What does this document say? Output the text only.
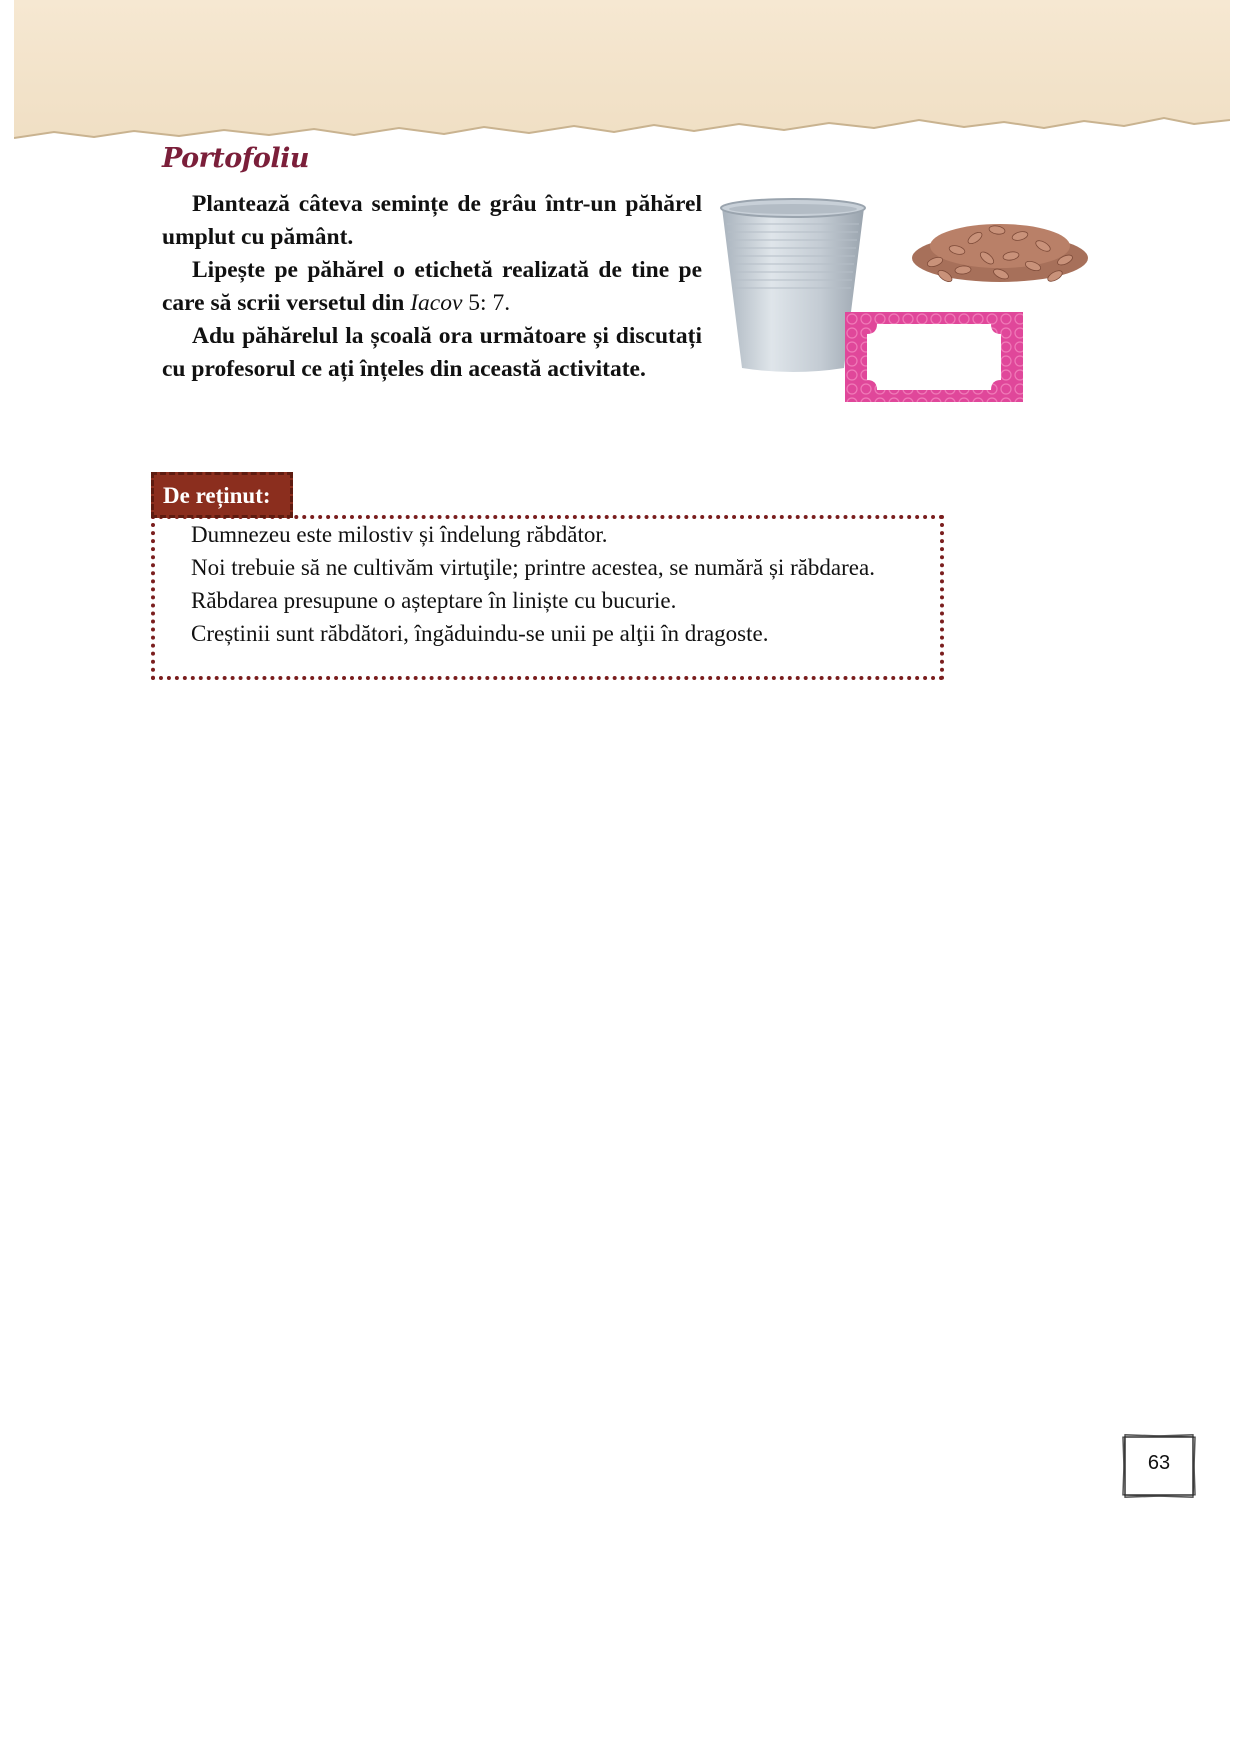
Portofoliu

Plantează câteva semințe de grâu într-un păhărel umplut cu pământ.

Lipește pe păhărel o etichetă realizată de tine pe care să scrii versetul din Iacov 5: 7.

Adu păhărelul la școală ora următoare și discutați cu profesorul ce ați înțeles din această activitate.

De reținut:
Dumnezeu este milostiv și îndelung răbdător.
Noi trebuie să ne cultivăm virtuţile; printre acestea, se numără și răbdarea.
Răbdarea presupune o așteptare în liniște cu bucurie.
Creștinii sunt răbdători, îngăduindu-se unii pe alţii în dragoste.
63
